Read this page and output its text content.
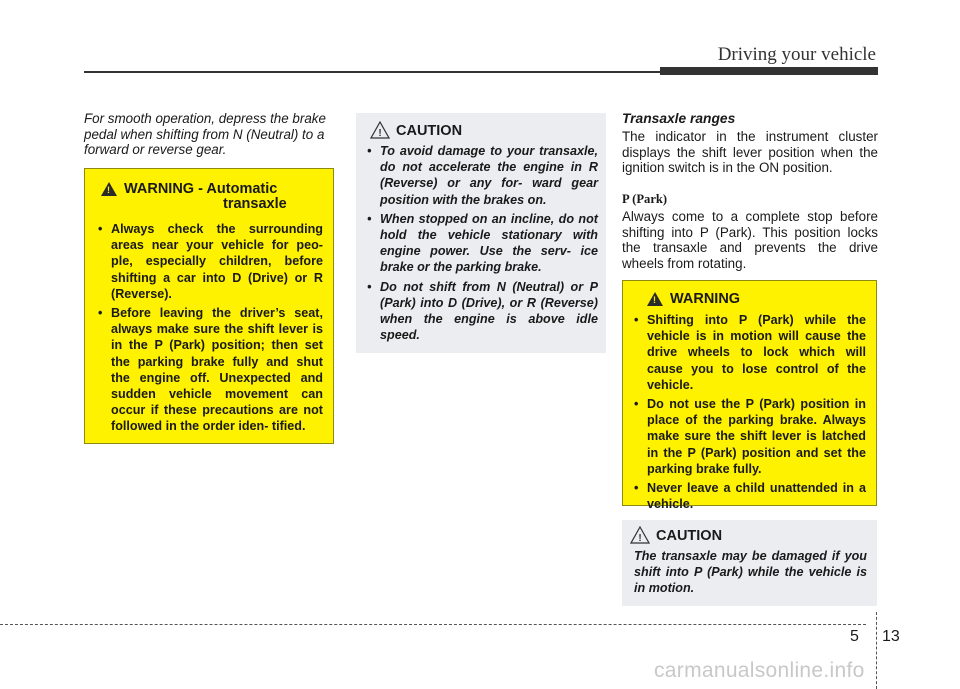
Driving your vehicle
For smooth operation, depress the brake pedal when shifting from N (Neutral) to a forward or reverse gear.
!
WARNING - Automatic
transaxle
• Always check the surrounding areas near your vehicle for peo- ple, especially children, before shifting a car into D (Drive) or R (Reverse).
• Before leaving the driver’s seat, always make sure the shift lever is in the P (Park) position; then set the parking brake fully and shut the engine off. Unexpected and sudden vehicle movement can occur if these precautions are not followed in the order iden- tified.
! CAUTION
• To avoid damage to your transaxle, do not accelerate the engine in R (Reverse) or any for- ward gear position with the brakes on.
• When stopped on an incline, do not hold the vehicle stationary with engine power. Use the serv- ice brake or the parking brake.
• Do not shift from N (Neutral) or P (Park) into D (Drive), or R (Reverse) when the engine is above idle speed.
Transaxle ranges
The indicator in the instrument cluster displays the shift lever position when the ignition switch is in the ON position.
P (Park)
Always come to a complete stop before shifting into P (Park). This position locks the transaxle and prevents the drive wheels from rotating.
!
WARNING
• Shifting into P (Park) while the vehicle is in motion will cause the drive wheels to lock which will cause you to lose control of the vehicle.
• Do not use the P (Park) position in place of the parking brake. Always make sure the shift lever is latched in the P (Park) position and set the parking brake fully.
• Never leave a child unattended in a vehicle.
! CAUTION
The transaxle may be damaged if you shift into P (Park) while the vehicle is in motion.
5 13
carmanualsonline.info
